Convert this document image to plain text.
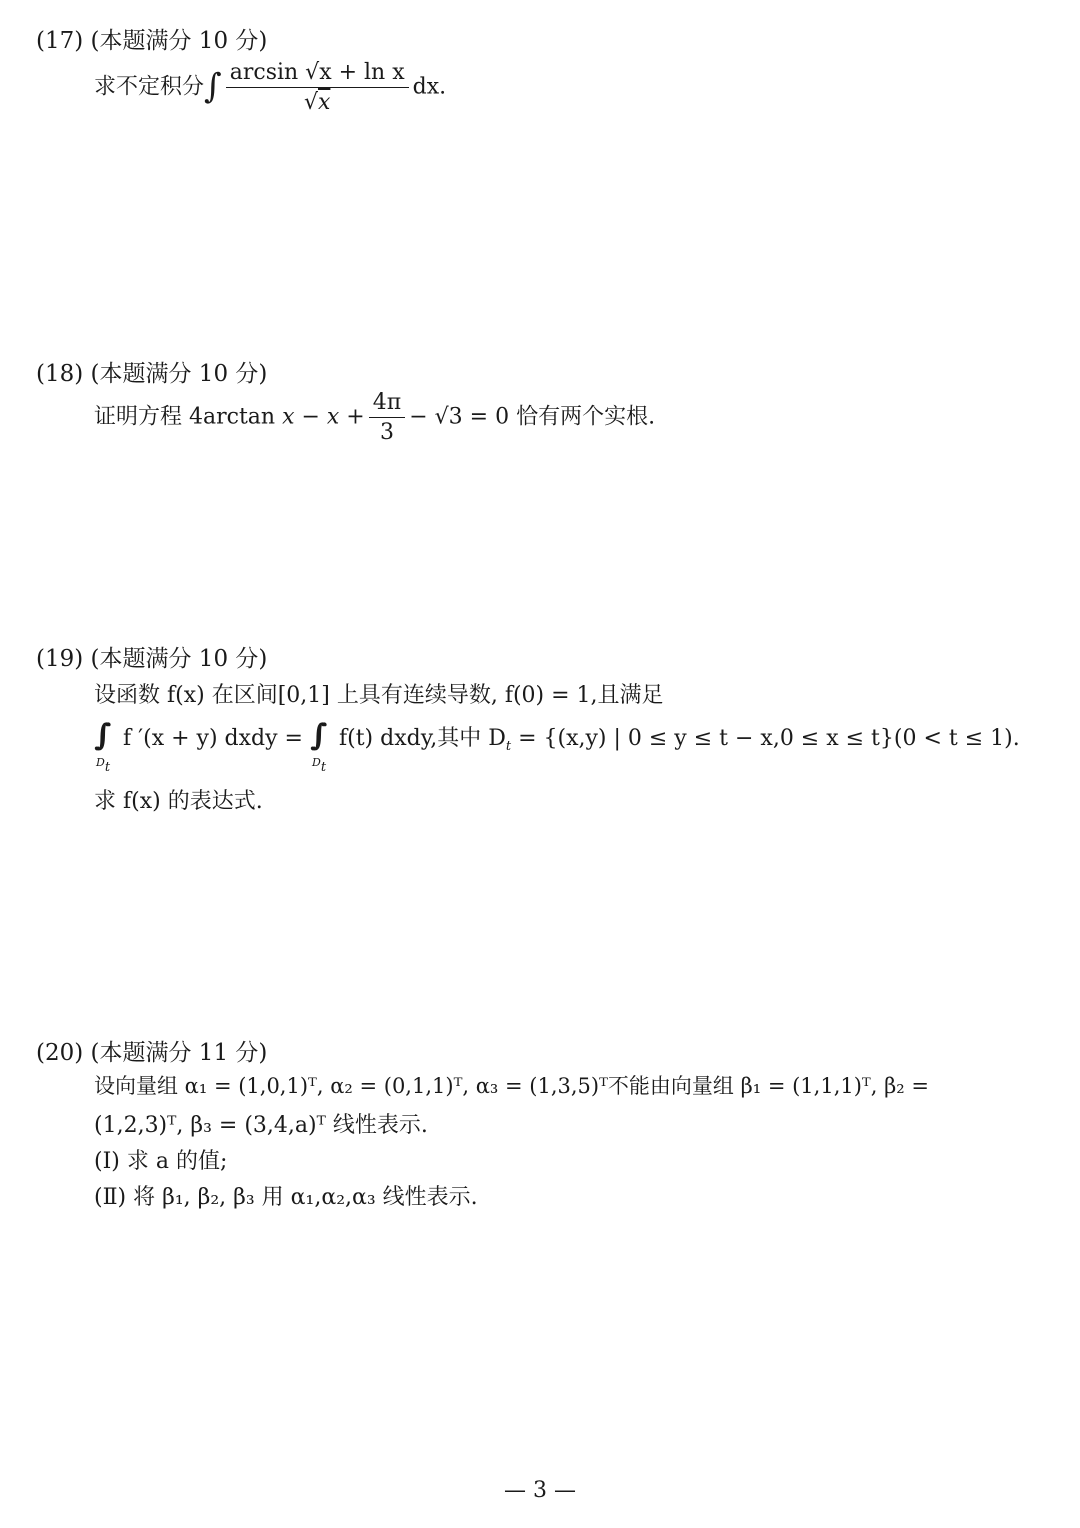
(17) (本题满分 10 分)
求不定积分∫ $\frac{\text{arcsin √x + ln x}}{√x}$ dx.
(18) (本题满分 10 分)
证明方程 4arctan $x - x + \frac{4\pi}{3} - √3 = 0$ 恰有两个实根.
(19) (本题满分 10 分)
设函数 f(x) 在区间[0,1] 上具有连续导数, f(0) = 1,且满足
∫∫
Dt
f ′(x + y) dxdy = ∫∫
Dt
f(t) dxdy,其中 $D_t = \{(x,y)$ | 0 ≤ y ≤ t − x,0 ≤ x ≤ t}(0 < t ≤ 1).
求 f(x) 的表达式.
(20) (本题满分 11 分)
设向量组 α₁ = (1,0,1)ᵀ, α₂ = (0,1,1)ᵀ, α₃ = (1,3,5)ᵀ不能由向量组 β₁ = (1,1,1)ᵀ, β₂ =
(1,2,3)ᵀ, β₃ = (3,4,a)ᵀ 线性表示.
(Ⅰ) 求 a 的值;
(Ⅱ) 将 β₁, β₂, β₃ 用 α₁,α₂,α₃ 线性表示.
— 3 —
